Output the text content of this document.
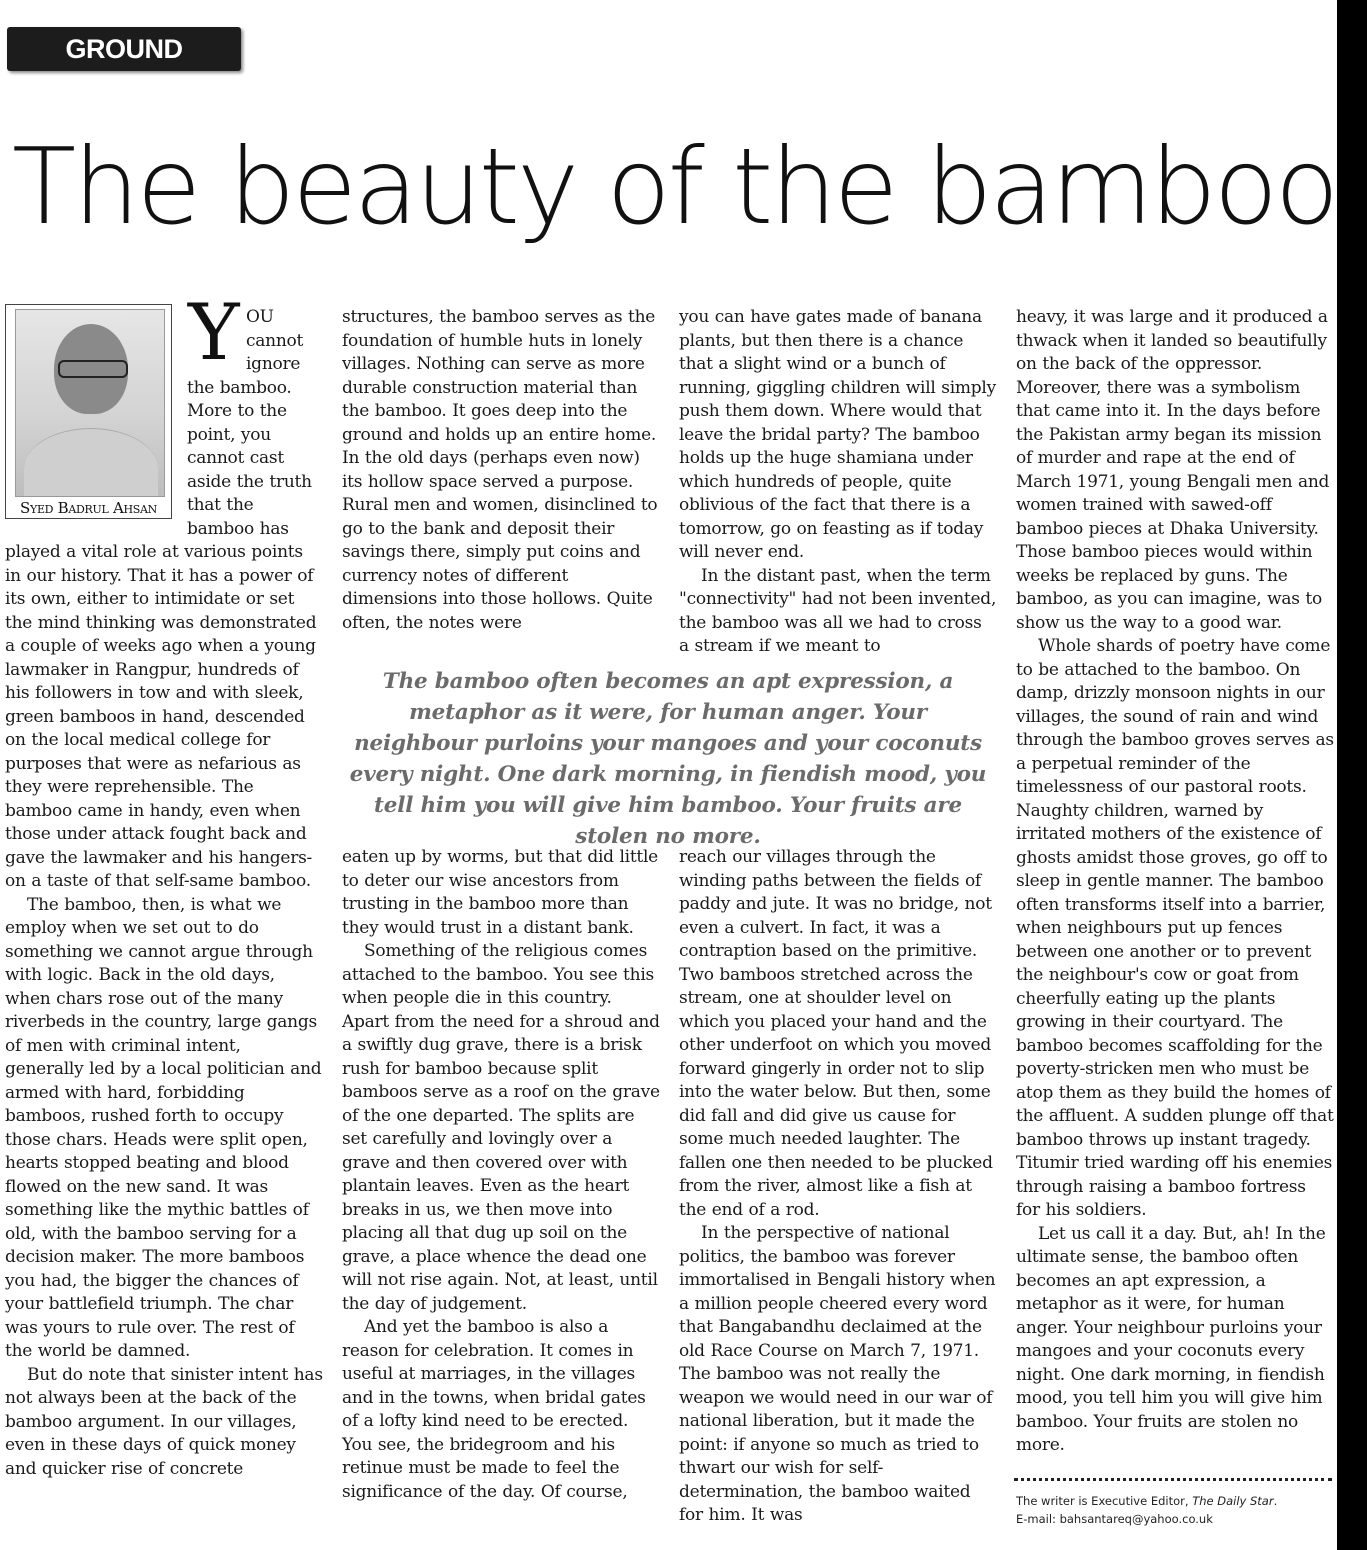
GROUND REALITIES
The beauty of the bamboo
Syed Badrul Ahsan
Y OU
cannot
ignore
the bamboo.
More to the
point, you
cannot cast
aside the truth
that the
bamboo has

played a vital role at various points in our history. That it has a power of its own, either to intimidate or set the mind thinking was demonstrated a couple of weeks ago when a young lawmaker in Rangpur, hundreds of his followers in tow and with sleek, green bamboos in hand, descended on the local medical college for purposes that were as nefarious as they were reprehensible. The bamboo came in handy, even when those under attack fought back and gave the lawmaker and his hangers-on a taste of that self-same bamboo.

The bamboo, then, is what we employ when we set out to do something we cannot argue through with logic. Back in the old days, when chars rose out of the many riverbeds in the country, large gangs of men with criminal intent, generally led by a local politician and armed with hard, forbidding bamboos, rushed forth to occupy those chars. Heads were split open, hearts stopped beating and blood flowed on the new sand. It was something like the mythic battles of old, with the bamboo serving for a decision maker. The more bamboos you had, the bigger the chances of your battlefield triumph. The char was yours to rule over. The rest of the world be damned.

But do note that sinister intent has not always been at the back of the bamboo argument. In our villages, even in these days of quick money and quicker rise of concrete

structures, the bamboo serves as the foundation of humble huts in lonely villages. Nothing can serve as more durable construction material than the bamboo. It goes deep into the ground and holds up an entire home. In the old days (perhaps even now) its hollow space served a purpose. Rural men and women, disinclined to go to the bank and deposit their savings there, simply put coins and currency notes of different dimensions into those hollows. Quite often, the notes were

you can have gates made of banana plants, but then there is a chance that a slight wind or a bunch of running, giggling children will simply push them down. Where would that leave the bridal party? The bamboo holds up the huge shamiana under which hundreds of people, quite oblivious of the fact that there is a tomorrow, go on feasting as if today will never end.

In the distant past, when the term "connectivity" had not been invented, the bamboo was all we had to cross a stream if we meant to

The bamboo often becomes an apt expression, a metaphor as it were, for human anger. Your neighbour purloins your mangoes and your coconuts every night. One dark morning, in fiendish mood, you tell him you will give him bamboo. Your fruits are stolen no more.

eaten up by worms, but that did little to deter our wise ancestors from trusting in the bamboo more than they would trust in a distant bank.

Something of the religious comes attached to the bamboo. You see this when people die in this country. Apart from the need for a shroud and a swiftly dug grave, there is a brisk rush for bamboo because split bamboos serve as a roof on the grave of the one departed. The splits are set carefully and lovingly over a grave and then covered over with plantain leaves. Even as the heart breaks in us, we then move into placing all that dug up soil on the grave, a place whence the dead one will not rise again. Not, at least, until the day of judgement.

And yet the bamboo is also a reason for celebration. It comes in useful at marriages, in the villages and in the towns, when bridal gates of a lofty kind need to be erected. You see, the bridegroom and his retinue must be made to feel the significance of the day. Of course,

reach our villages through the winding paths between the fields of paddy and jute. It was no bridge, not even a culvert. In fact, it was a contraption based on the primitive. Two bamboos stretched across the stream, one at shoulder level on which you placed your hand and the other underfoot on which you moved forward gingerly in order not to slip into the water below. But then, some did fall and did give us cause for some much needed laughter. The fallen one then needed to be plucked from the river, almost like a fish at the end of a rod.

In the perspective of national politics, the bamboo was forever immortalised in Bengali history when a million people cheered every word that Bangabandhu declaimed at the old Race Course on March 7, 1971. The bamboo was not really the weapon we would need in our war of national liberation, but it made the point: if anyone so much as tried to thwart our wish for self-determination, the bamboo waited for him. It was

heavy, it was large and it produced a thwack when it landed so beautifully on the back of the oppressor. Moreover, there was a symbolism that came into it. In the days before the Pakistan army began its mission of murder and rape at the end of March 1971, young Bengali men and women trained with sawed-off bamboo pieces at Dhaka University. Those bamboo pieces would within weeks be replaced by guns. The bamboo, as you can imagine, was to show us the way to a good war.

Whole shards of poetry have come to be attached to the bamboo. On damp, drizzly monsoon nights in our villages, the sound of rain and wind through the bamboo groves serves as a perpetual reminder of the timelessness of our pastoral roots. Naughty children, warned by irritated mothers of the existence of ghosts amidst those groves, go off to sleep in gentle manner. The bamboo often transforms itself into a barrier, when neighbours put up fences between one another or to prevent the neighbour's cow or goat from cheerfully eating up the plants growing in their courtyard. The bamboo becomes scaffolding for the poverty-stricken men who must be atop them as they build the homes of the affluent. A sudden plunge off that bamboo throws up instant tragedy. Titumir tried warding off his enemies through raising a bamboo fortress for his soldiers.

Let us call it a day. But, ah! In the ultimate sense, the bamboo often becomes an apt expression, a metaphor as it were, for human anger. Your neighbour purloins your mangoes and your coconuts every night. One dark morning, in fiendish mood, you tell him you will give him bamboo. Your fruits are stolen no more.

The writer is Executive Editor, The Daily Star.
E-mail: bahsantareq@yahoo.co.uk
